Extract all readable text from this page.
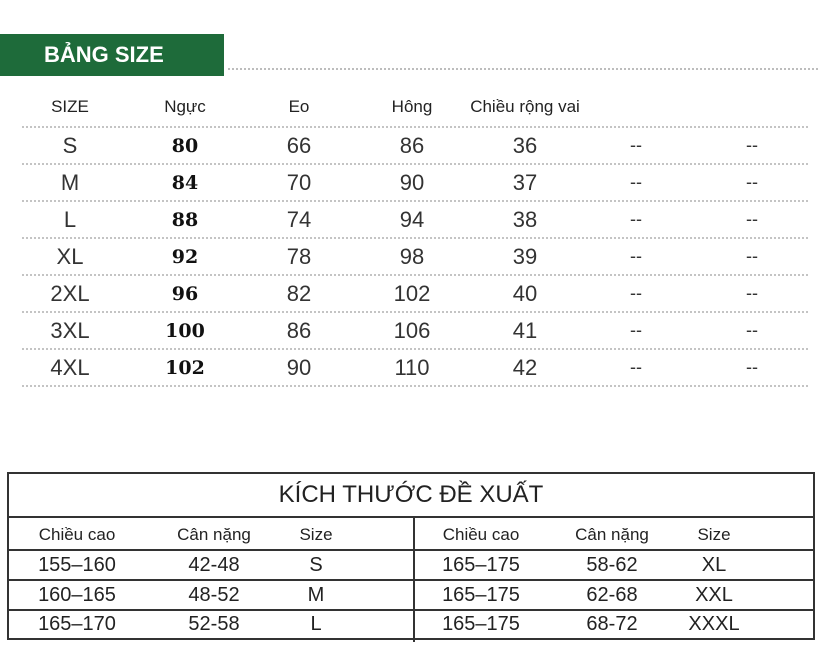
BẢNG SIZE
SIZE	Ngực	Eo	Hông	Chiều rộng vai
S	80	66	86	36	--	--
M	84	70	90	37	--	--
L	88	74	94	38	--	--
XL	92	78	98	39	--	--
2XL	96	82	102	40	--	--
3XL	100	86	106	41	--	--
4XL	102	90	110	42	--	--
KÍCH THƯỚC ĐỀ XUẤT
Chiều cao	Cân nặng	Size	Chiều cao	Cân nặng	Size
155–160	42-48	S	165–175	58-62	XL
160–165	48-52	M	165–175	62-68	XXL
165–170	52-58	L	165–175	68-72	XXXL
